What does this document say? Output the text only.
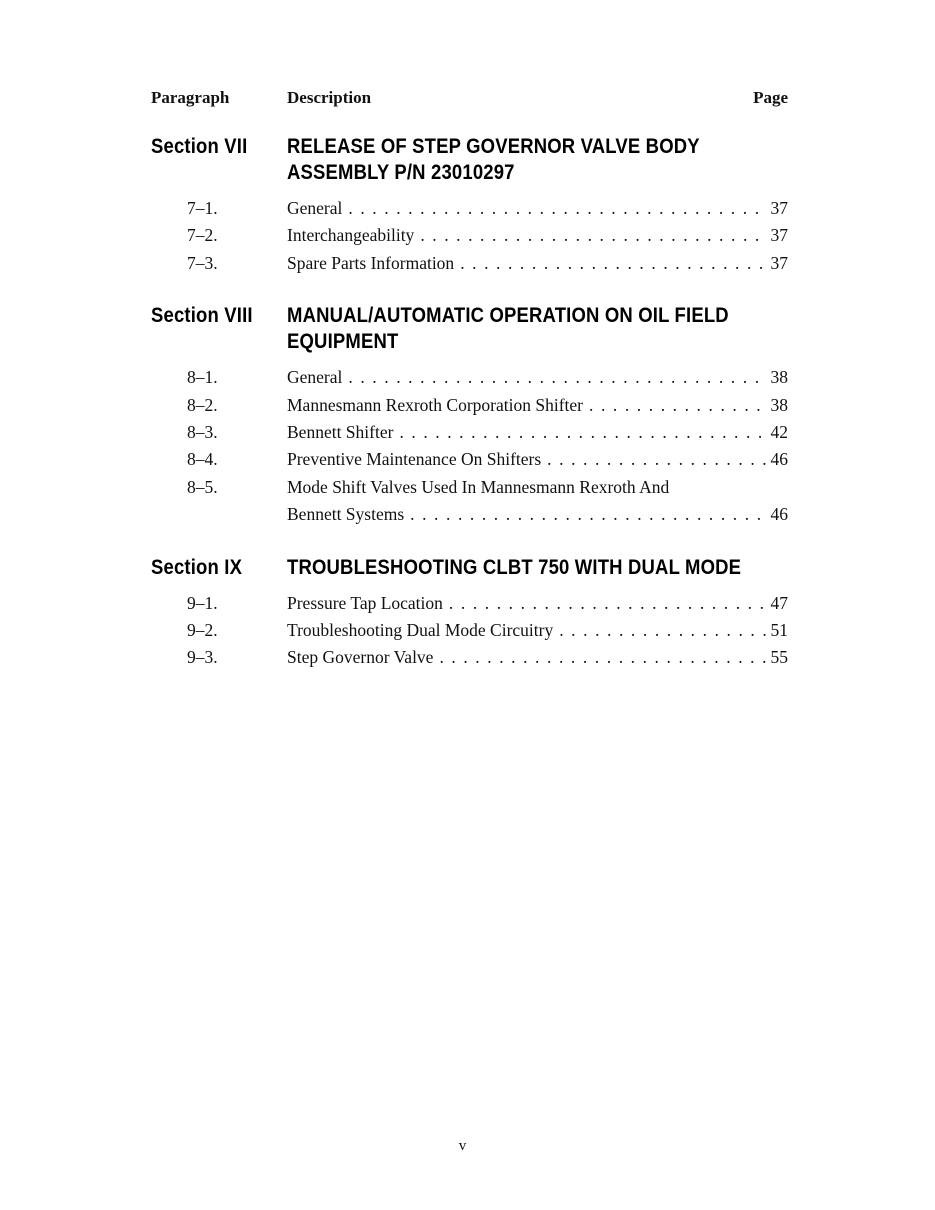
Paragraph	Description	Page
Section VII	RELEASE OF STEP GOVERNOR VALVE BODY
ASSEMBLY P/N 23010297
7–1.	General . . .	37
7–2.	Interchangeability . . .	37
7–3.	Spare Parts Information . . .	37
Section VIII	MANUAL/AUTOMATIC OPERATION ON OIL FIELD
EQUIPMENT
8–1.	General . . .	38
8–2.	Mannesmann Rexroth Corporation Shifter . . .	38
8–3.	Bennett Shifter . . .	42
8–4.	Preventive Maintenance On Shifters . . .	46
8–5.	Mode Shift Valves Used In Mannesmann Rexroth And
Bennett Systems . . .	46
Section IX	TROUBLESHOOTING CLBT 750 WITH DUAL MODE
9–1.	Pressure Tap Location . . .	47
9–2.	Troubleshooting Dual Mode Circuitry . . .	51
9–3.	Step Governor Valve . . .	55
v
